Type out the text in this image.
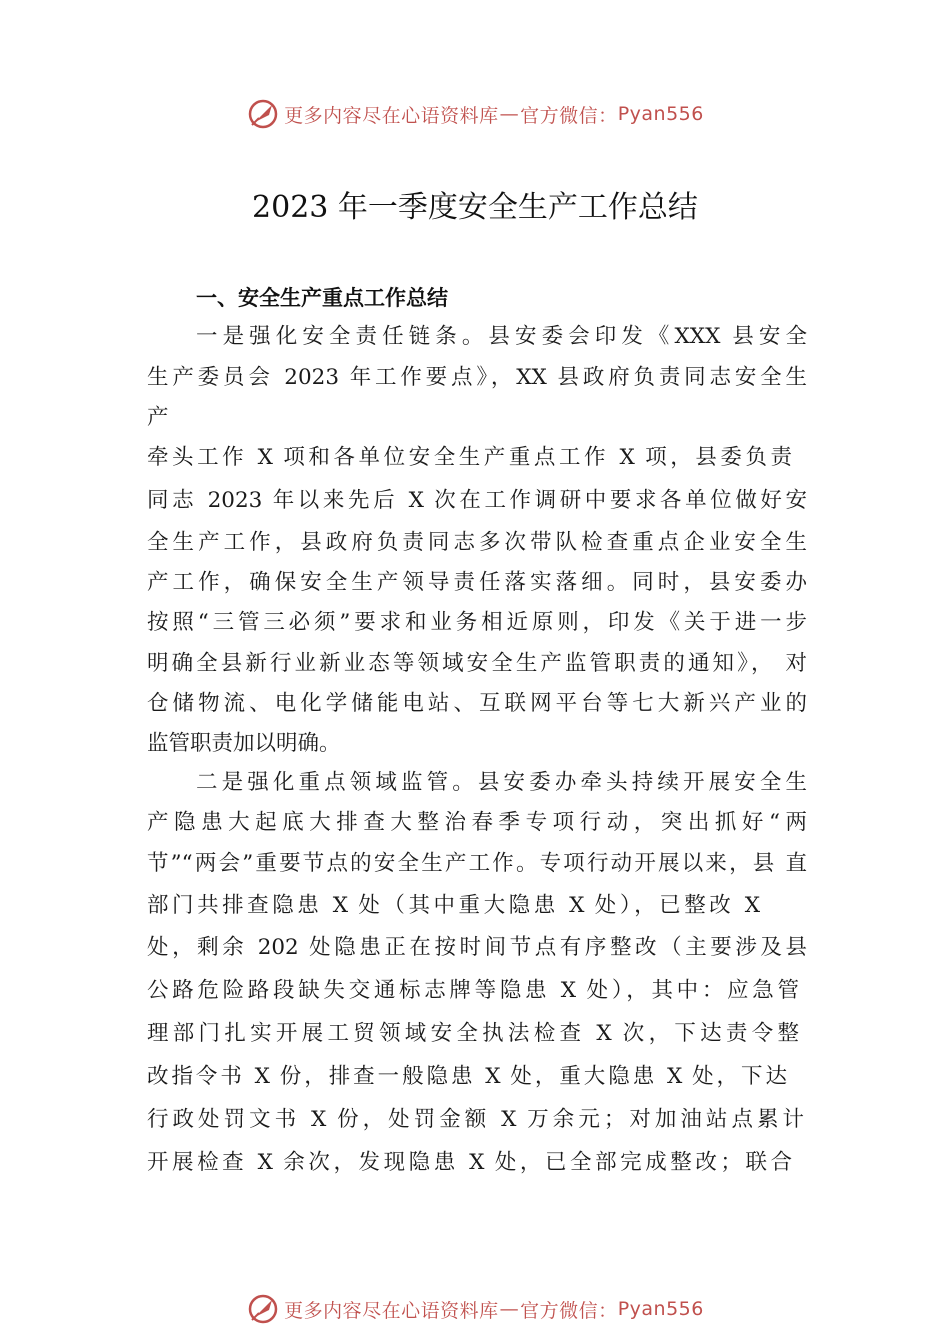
更多内容尽在心语资料库 — 官方微信： Pyan556
2023 年一季度安全生产工作总结
一、安全生产重点工作总结
一是强化安全责任链条。县安委会印发《XXX 县安全
生产委员会 2023 年工作要点》，XX 县政府负责同志安全生
产
牵头工作 X 项和各单位安全生产重点工作 X 项，县委负责
同志 2023 年以来先后 X 次在工作调研中要求各单位做好安
全生产工作，县政府负责同志多次带队检查重点企业安全生
产工作，确保安全生产领导责任落实落细。同时，县安委办
按照“三管三必须”要求和业务相近原则，印发《关于进一步
明确全县新行业新业态等领域安全生产监管职责的通知》， 对
仓储物流、电化学储能电站、互联网平台等七大新兴产业的
监管职责加以明确。
二是强化重点领域监管。县安委办牵头持续开展安全生
产隐患大起底大排查大整治春季专项行动，突出抓好“两
节”“两会”重要节点的安全生产工作。专项行动开展以来，县 直
部门共排查隐患 X 处（其中重大隐患 X 处），已整改 X
处，剩余 202 处隐患正在按时间节点有序整改（主要涉及县
公路危险路段缺失交通标志牌等隐患 X 处），其中：应急管
理部门扎实开展工贸领域安全执法检查 X 次，下达责令整
改指令书 X 份，排查一般隐患 X 处，重大隐患 X 处，下达
行政处罚文书 X 份，处罚金额 X 万余元；对加油站点累计
开展检查 X 余次，发现隐患 X 处，已全部完成整改；联合
更多内容尽在心语资料库 — 官方微信： Pyan556
